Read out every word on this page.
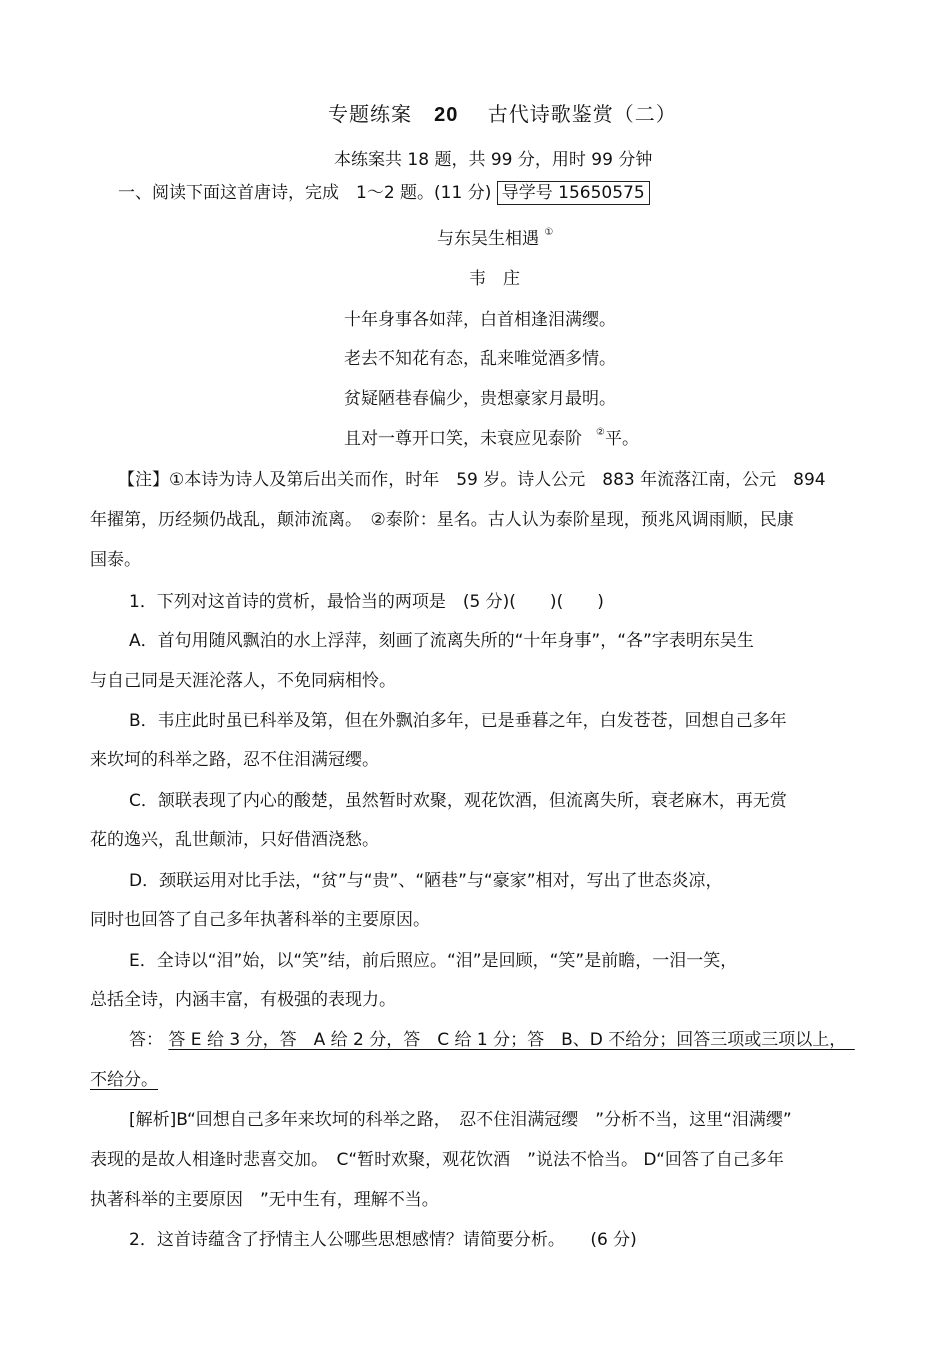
专题练案 20 古代诗歌鉴赏（二）
本练案共 18 题，共 99 分，用时 99 分钟
一、阅读下面这首唐诗，完成　1～2 题。(11 分) 导学号 15650575
与东吴生相遇 ①
韦　庄
十年身事各如萍，白首相逢泪满缨。
老去不知花有态，乱来唯觉酒多情。
贫疑陋巷春偏少，贵想豪家月最明。
且对一尊开口笑，未衰应见泰阶 ②平。
【注】①本诗为诗人及第后出关而作，时年　59 岁。诗人公元　883 年流落江南，公元　894
年擢第，历经频仍战乱，颠沛流离。　②泰阶：星名。古人认为泰阶星现，预兆风调雨顺，民康
国泰。
1．下列对这首诗的赏析，最恰当的两项是　(5 分)(　　)(　　)
A．首句用随风飘泊的水上浮萍，刻画了流离失所的“十年身事”，“各”字表明东吴生
与自己同是天涯沦落人，不免同病相怜。
B．韦庄此时虽已科举及第，但在外飘泊多年，已是垂暮之年，白发苍苍，回想自己多年
来坎坷的科举之路，忍不住泪满冠缨。
C．颔联表现了内心的酸楚，虽然暂时欢聚，观花饮酒，但流离失所，衰老麻木，再无赏
花的逸兴，乱世颠沛，只好借酒浇愁。
D．颈联运用对比手法，“贫”与“贵”、“陋巷”与“豪家”相对，写出了世态炎凉，
同时也回答了自己多年执著科举的主要原因。
E．全诗以“泪”始，以“笑”结，前后照应。“泪”是回顾，“笑”是前瞻，一泪一笑，
总括全诗，内涵丰富，有极强的表现力。
答： 答 E 给 3 分，答　A 给 2 分，答　C 给 1 分；答　B、D 不给分；回答三项或三项以上，　
不给分。
[解析]B“回想自己多年来坎坷的科举之路，　忍不住泪满冠缨　”分析不当，这里“泪满缨”
表现的是故人相逢时悲喜交加。　C“暂时欢聚，观花饮酒　”说法不恰当。 D“回答了自己多年
执著科举的主要原因　”无中生有，理解不当。
2．这首诗蕴含了抒情主人公哪些思想感情？请简要分析。　　(6 分)
